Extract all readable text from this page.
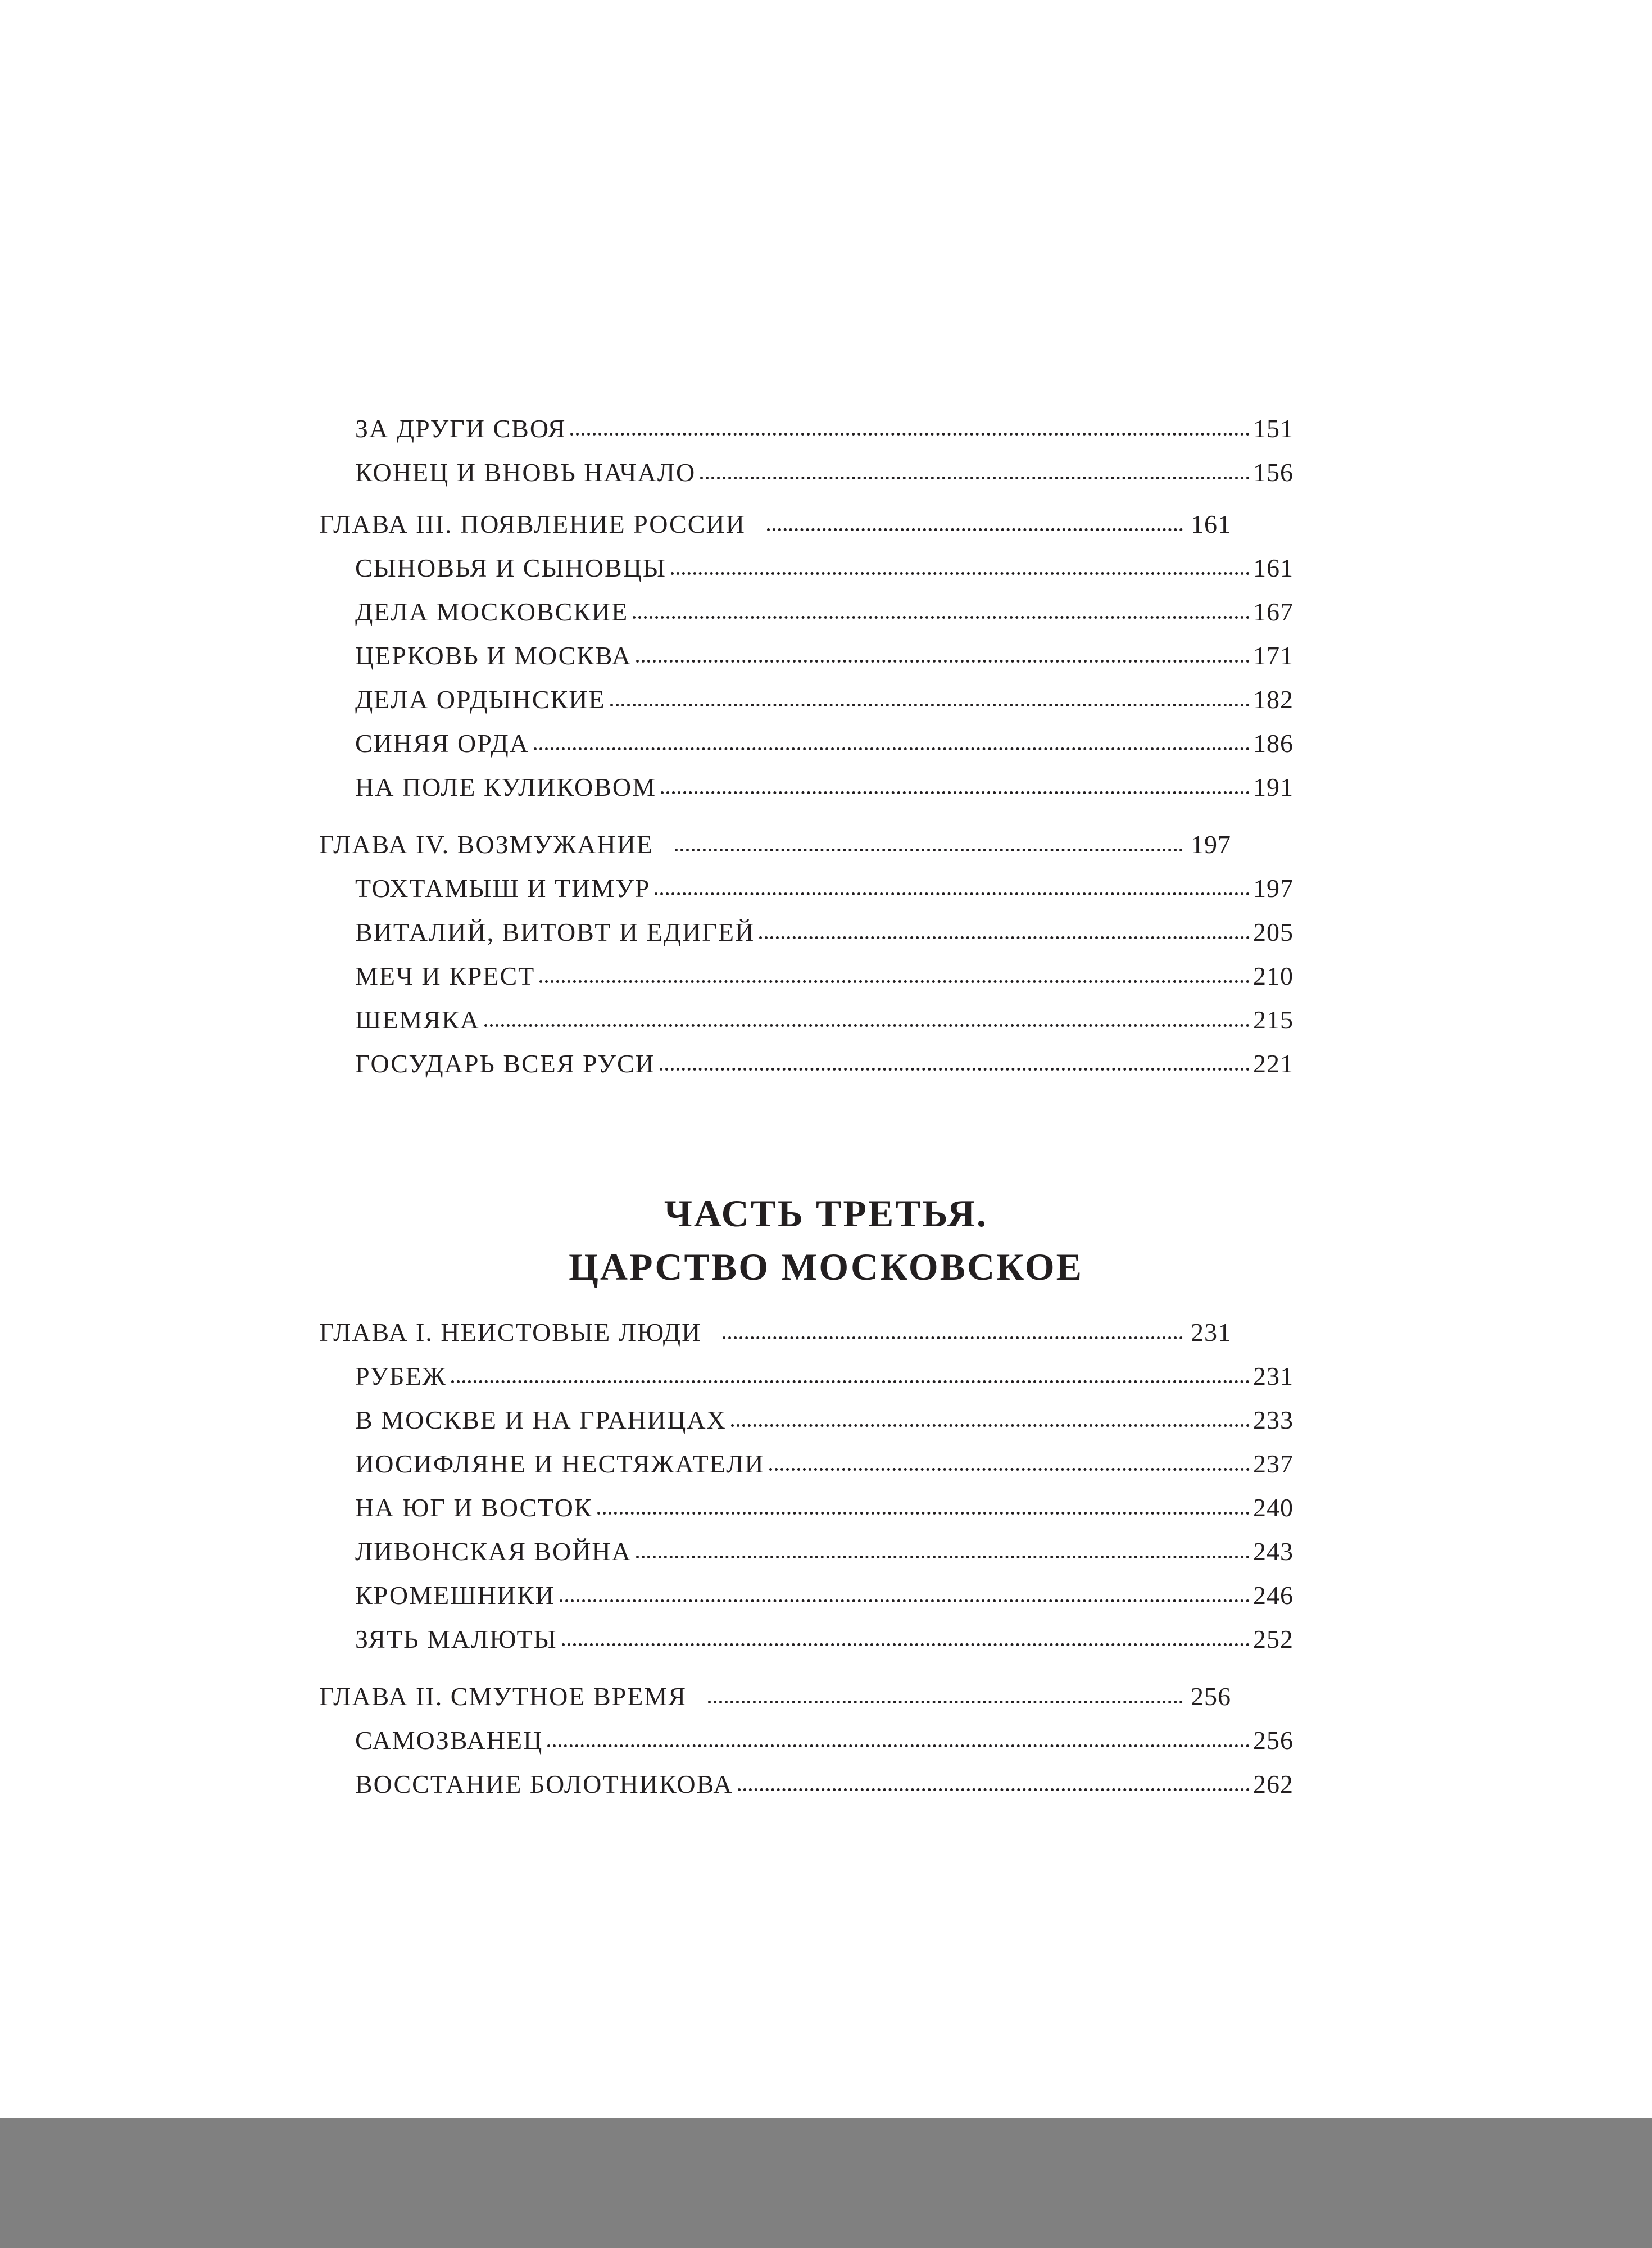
ЗА ДРУГИ СВОЯ	151
КОНЕЦ И ВНОВЬ НАЧАЛО	156
ГЛАВА III. ПОЯВЛЕНИЕ РОССИИ	161
СЫНОВЬЯ И СЫНОВЦЫ	161
ДЕЛА МОСКОВСКИЕ	167
ЦЕРКОВЬ И МОСКВА	171
ДЕЛА ОРДЫНСКИЕ	182
СИНЯЯ ОРДА	186
НА ПОЛЕ КУЛИКОВОМ	191
ГЛАВА IV. ВОЗМУЖАНИЕ	197
ТОХТАМЫШ И ТИМУР	197
ВИТАЛИЙ, ВИТОВТ И ЕДИГЕЙ	205
МЕЧ И КРЕСТ	210
ШЕМЯКА	215
ГОСУДАРЬ ВСЕЯ РУСИ	221
ЧАСТЬ ТРЕТЬЯ.
ЦАРСТВО МОСКОВСКОЕ
ГЛАВА I. НЕИСТОВЫЕ ЛЮДИ	231
РУБЕЖ	231
В МОСКВЕ И НА ГРАНИЦАХ	233
ИОСИФЛЯНЕ И НЕСТЯЖАТЕЛИ	237
НА ЮГ И ВОСТОК	240
ЛИВОНСКАЯ ВОЙНА	243
КРОМЕШНИКИ	246
ЗЯТЬ МАЛЮТЫ	252
ГЛАВА II. СМУТНОЕ ВРЕМЯ	256
САМОЗВАНЕЦ	256
ВОССТАНИЕ БОЛОТНИКОВА	262
